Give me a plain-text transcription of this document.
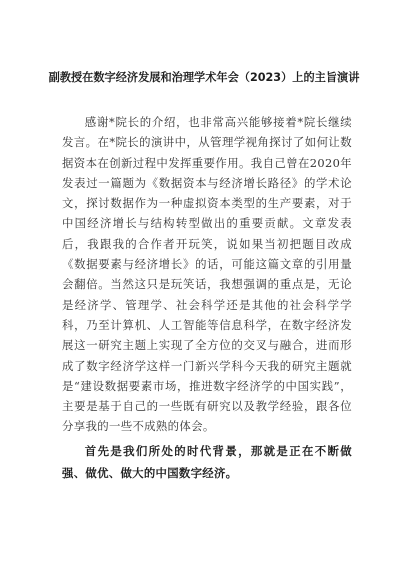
副教授在数字经济发展和治理学术年会（2023）上的主旨演讲

感谢*院长的介绍，也非常高兴能够接着*院长继续发言。在*院长的演讲中，从管理学视角探讨了如何让数据资本在创新过程中发挥重要作用。我自己曾在2020年发表过一篇题为《数据资本与经济增长路径》的学术论文，探讨数据作为一种虚拟资本类型的生产要素，对于中国经济增长与结构转型做出的重要贡献。文章发表后，我跟我的合作者开玩笑，说如果当初把题目改成《数据要素与经济增长》的话，可能这篇文章的引用量会翻倍。当然这只是玩笑话，我想强调的重点是，无论是经济学、管理学、社会科学还是其他的社会科学学科，乃至计算机、人工智能等信息科学，在数字经济发展这一研究主题上实现了全方位的交叉与融合，进而形成了数字经济学这样一门新兴学科今天我的研究主题就是“建设数据要素市场，推进数字经济学的中国实践”，主要是基于自己的一些既有研究以及教学经验，跟各位分享我的一些不成熟的体会。

首先是我们所处的时代背景，那就是正在不断做强、做优、做大的中国数字经济。
